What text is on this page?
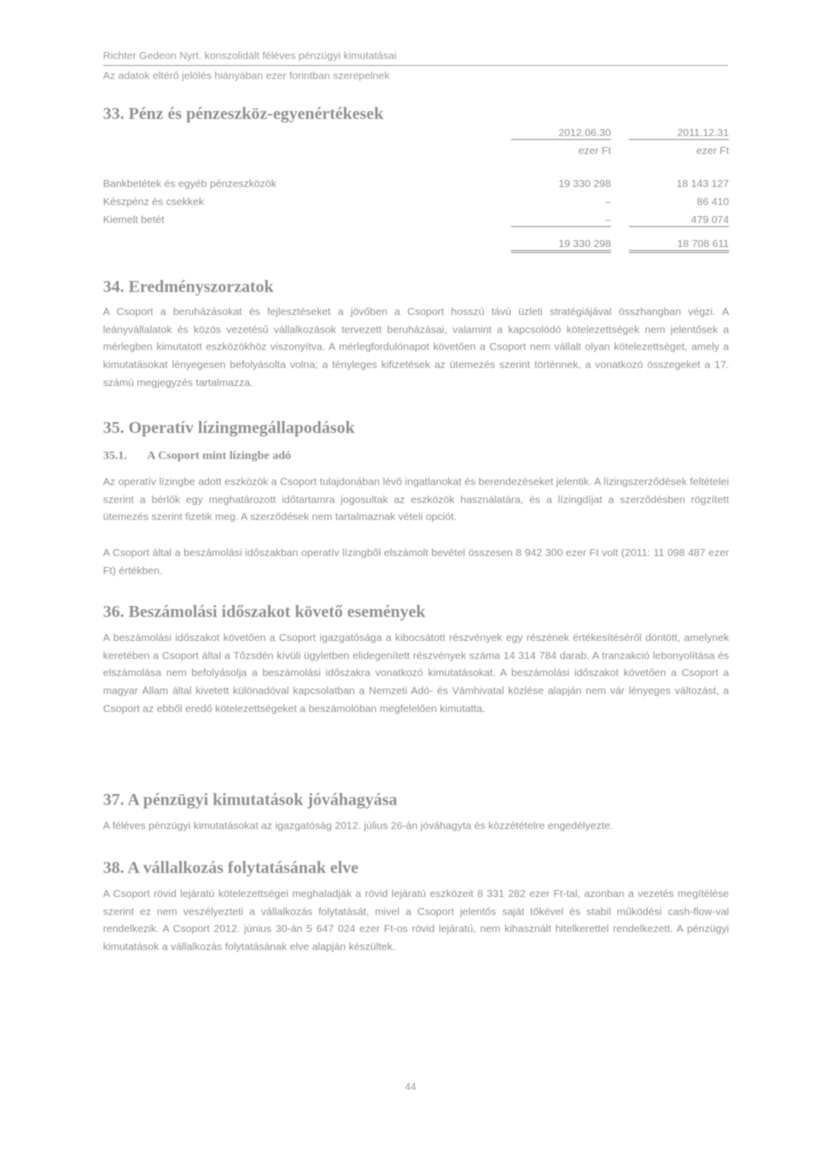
Richter Gedeon Nyrt. konszolidált féléves pénzügyi kimutatásai
Az adatok eltérő jelölés hiányában ezer forintban szerepelnek
33. Pénz és pénzeszköz-egyenértékesek
2012.06.30	2011.12.31
ezer Ft	ezer Ft
Bankbetétek és egyéb pénzeszközök	19 330 298	18 143 127
Készpénz és csekkek	–	86 410
Kiemelt betét	–	479 074
19 330 298	18 708 611
34. Eredményszorzatok
A Csoport a beruházásokat és fejlesztéseket a jövőben a Csoport hosszú távú üzleti stratégiájával összhangban végzi. A leányvállalatok és közös vezetésű vállalkozások tervezett beruházásai, valamint a kapcsolódó kötelezettségek nem jelentősek a mérlegben kimutatott eszközökhöz viszonyítva. A mérlegfordulónapot követően a Csoport nem vállalt olyan kötelezettséget, amely a kimutatásokat lényegesen befolyásolta volna; a tényleges kifizetések az ütemezés szerint történnek, a vonatkozó összegeket a 17. számú megjegyzés tartalmazza.
35. Operatív lízingmegállapodások
35.1. A Csoport mint lízingbe adó
Az operatív lízingbe adott eszközök a Csoport tulajdonában lévő ingatlanokat és berendezéseket jelentik. A lízingszerződések feltételei szerint a bérlők egy meghatározott időtartamra jogosultak az eszközök használatára, és a lízingdíjat a szerződésben rögzített ütemezés szerint fizetik meg. A szerződések nem tartalmaznak vételi opciót.
A Csoport által a beszámolási időszakban operatív lízingből elszámolt bevétel összesen 8 942 300 ezer Ft volt (2011: 11 098 487 ezer Ft) értékben.
36. Beszámolási időszakot követő események
A beszámolási időszakot követően a Csoport igazgatósága a kibocsátott részvények egy részének értékesítéséről döntött, amelynek keretében a Csoport által a Tőzsdén kívüli ügyletben elidegenített részvények száma 14 314 784 darab. A tranzakció lebonyolítása és elszámolása nem befolyásolja a beszámolási időszakra vonatkozó kimutatásokat. A beszámolási időszakot követően a Csoport a magyar Állam által kivetett különadóval kapcsolatban a Nemzeti Adó- és Vámhivatal közlése alapján nem vár lényeges változást, a Csoport az ebből eredő kötelezettségeket a beszámolóban megfelelően kimutatta.
37. A pénzügyi kimutatások jóváhagyása
A féléves pénzügyi kimutatásokat az igazgatóság 2012. július 26-án jóváhagyta és közzétételre engedélyezte.
38. A vállalkozás folytatásának elve
A Csoport rövid lejáratú kötelezettségei meghaladják a rövid lejáratú eszközeit 8 331 282 ezer Ft-tal, azonban a vezetés megítélése szerint ez nem veszélyezteti a vállalkozás folytatását, mivel a Csoport jelentős saját tőkével és stabil működési cash-flow-val rendelkezik. A Csoport 2012. június 30-án 5 647 024 ezer Ft-os rövid lejáratú, nem kihasznált hitelkerettel rendelkezett. A pénzügyi kimutatások a vállalkozás folytatásának elve alapján készültek.
44
